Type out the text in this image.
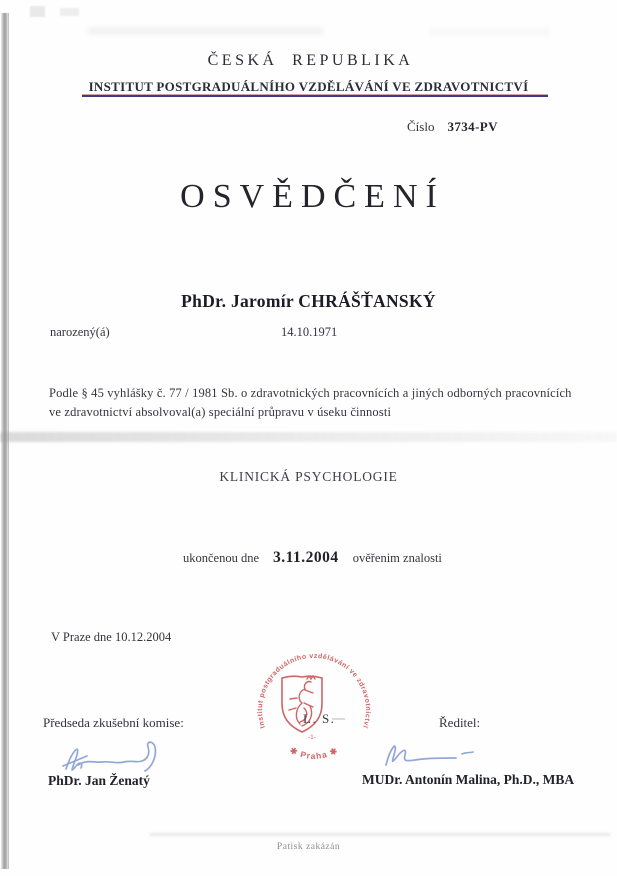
ČESKÁ REPUBLIKA
INSTITUT POSTGRADUÁLNÍHO VZDĚLÁVÁNÍ VE ZDRAVOTNICTVÍ
Číslo 3734-PV
OSVĚDČENÍ
PhDr. Jaromír CHRÁŠŤANSKÝ
narozený(á)	14.10.1971
Podle § 45 vyhlášky č. 77 / 1981 Sb. o zdravotnických pracovnících a jiných odborných pracovnících
ve zdravotnictví absolvoval(a) speciální průpravu v úseku činnosti
KLINICKÁ PSYCHOLOGIE
ukončenou dne 3.11.2004 ověřenim znalosti
V Praze dne 10.12.2004
Institut postgraduálního vzdělávání ve zdravotnictví
✱ Praha ✱
-1-
L. S.
Předseda zkušební komise:
PhDr. Jan Ženatý
Ředitel:
MUDr. Antonín Malina, Ph.D., MBA
Patisk zakázán
